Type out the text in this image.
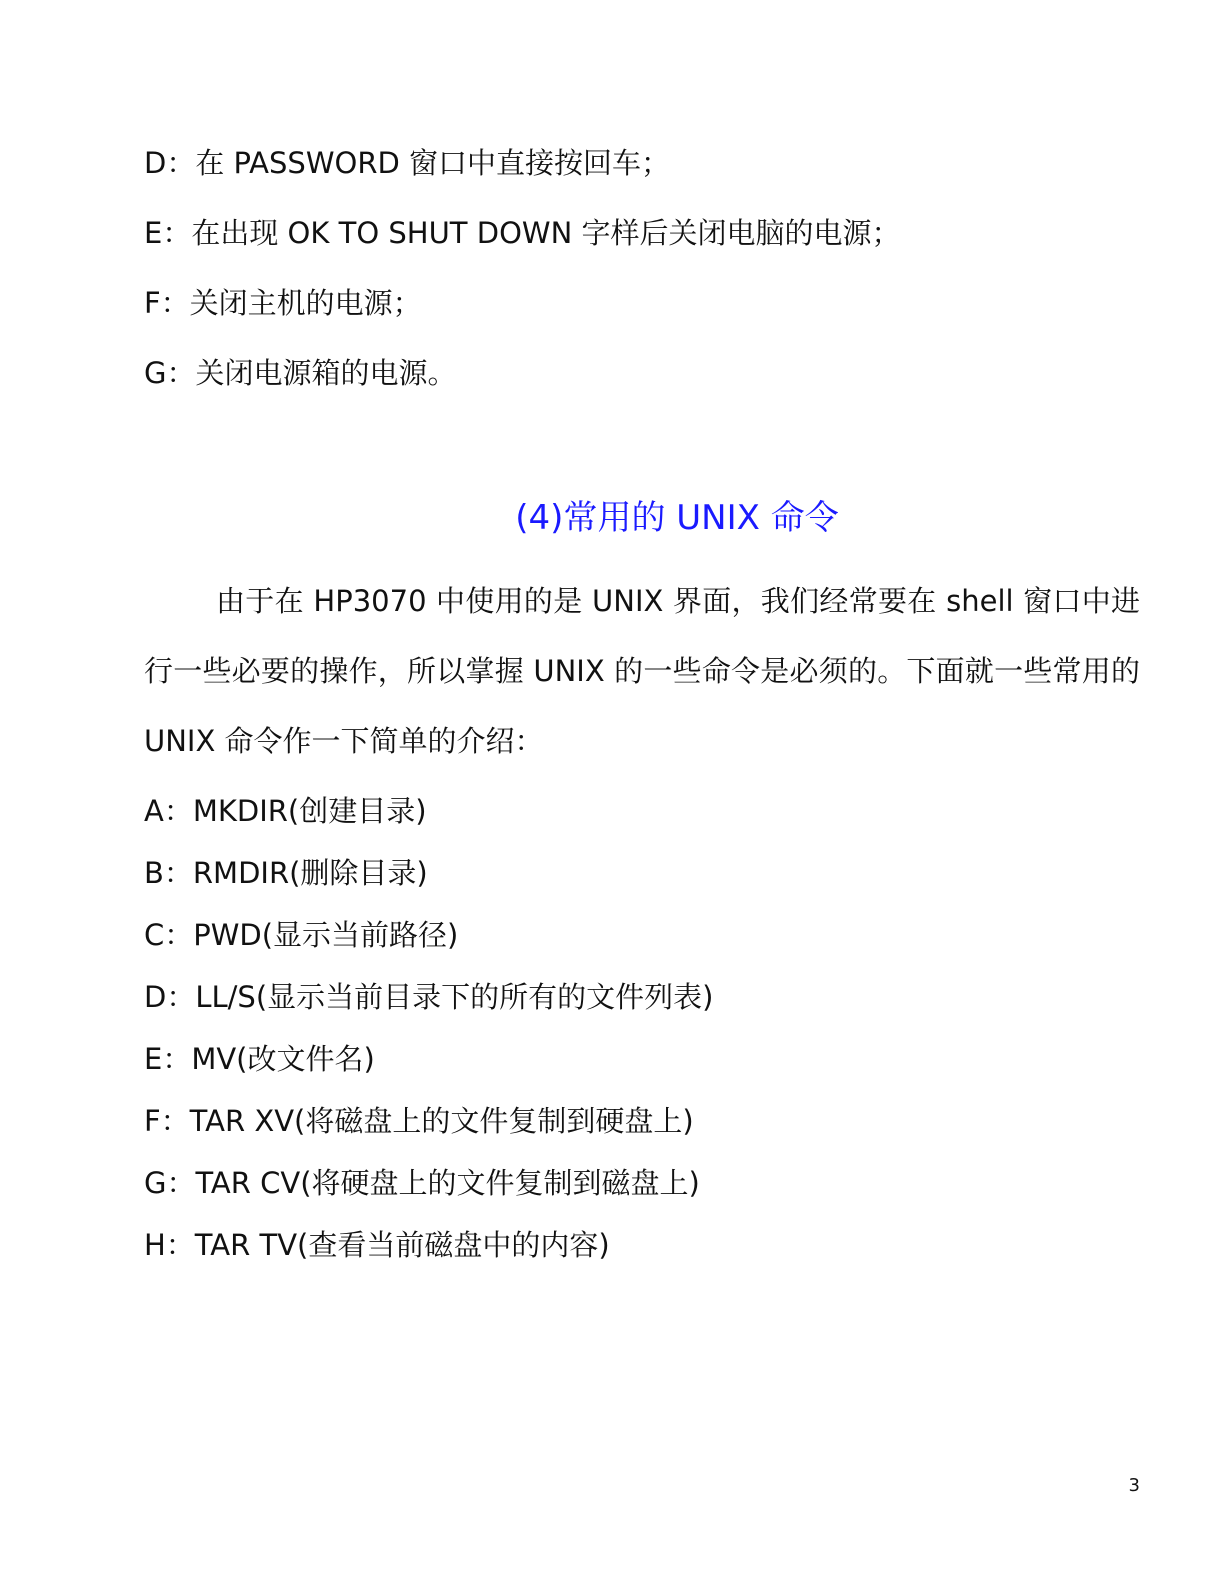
D：在 PASSWORD 窗口中直接按回车；
E：在出现 OK TO SHUT DOWN 字样后关闭电脑的电源；
F：关闭主机的电源；
G：关闭电源箱的电源。
(4)常用的 UNIX 命令

由于在 HP3070 中使用的是 UNIX 界面，我们经常要在 shell 窗口中进行一些必要的操作，所以掌握 UNIX 的一些命令是必须的。下面就一些常用的 UNIX 命令作一下简单的介绍：

A：MKDIR(创建目录)
B：RMDIR(删除目录)
C：PWD(显示当前路径)
D：LL/S(显示当前目录下的所有的文件列表)
E：MV(改文件名)
F：TAR XV(将磁盘上的文件复制到硬盘上)
G：TAR CV(将硬盘上的文件复制到磁盘上)
H：TAR TV(查看当前磁盘中的内容)
3
